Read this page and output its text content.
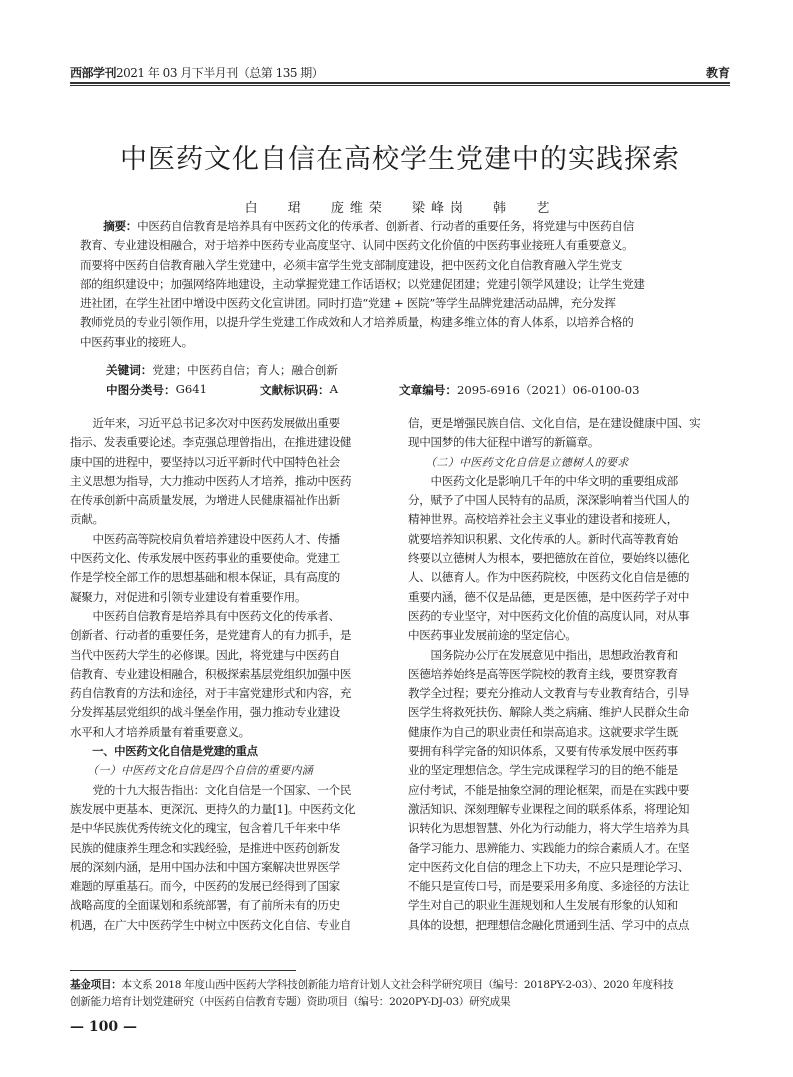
西部学刊2021 年 03 月下半月刊（总第 135 期）	教育
中医药文化自信在高校学生党建中的实践探索
白 珺 庞维荣 梁峰岗 韩 艺
摘要：中医药自信教育是培养具有中医药文化的传承者、创新者、行动者的重要任务，将党建与中医药自信
教育、专业建设相融合，对于培养中医药专业高度坚守、认同中医药文化价值的中医药事业接班人有重要意义。
而要将中医药自信教育融入学生党建中，必须丰富学生党支部制度建设，把中医药文化自信教育融入学生党支
部的组织建设中；加强网络阵地建设，主动掌握党建工作话语权；以党建促团建；党建引领学风建设；让学生党建
进社团，在学生社团中增设中医药文化宣讲团。同时打造“党建 + 医院”等学生品牌党建活动品牌，充分发挥
教师党员的专业引领作用，以提升学生党建工作成效和人才培养质量，构建多维立体的育人体系，以培养合格的
中医药事业的接班人。
关键词：党建；中医药自信；育人；融合创新
中图分类号： G641	文献标识码： A	文章编号： 2095-6916（2021）06-0100-03
　　近年来，习近平总书记多次对中医药发展做出重要
指示、发表重要论述。李克强总理曾指出，在推进建设健
康中国的进程中，要坚持以习近平新时代中国特色社会
主义思想为指导，大力推动中医药人才培养，推动中医药
在传承创新中高质量发展，为增进人民健康福祉作出新
贡献。
　　中医药高等院校肩负着培养建设中医药人才、传播
中医药文化、传承发展中医药事业的重要使命。党建工
作是学校全部工作的思想基础和根本保证，具有高度的
凝聚力，对促进和引领专业建设有着重要作用。
　　中医药自信教育是培养具有中医药文化的传承者、
创新者、行动者的重要任务，是党建育人的有力抓手，是
当代中医药大学生的必修课。因此，将党建与中医药自
信教育、专业建设相融合，积极探索基层党组织加强中医
药自信教育的方法和途径，对于丰富党建形式和内容，充
分发挥基层党组织的战斗堡垒作用，强力推动专业建设
水平和人才培养质量有着重要意义。
　　一、中医药文化自信是党建的重点
　　（一）中医药文化自信是四个自信的重要内涵
　　党的十九大报告指出：文化自信是一个国家、一个民
族发展中更基本、更深沉、更持久的力量[1]。中医药文化
是中华民族优秀传统文化的瑰宝，包含着几千年来中华
民族的健康养生理念和实践经验，是推进中医药创新发
展的深刻内涵，是用中国办法和中国方案解决世界医学
难题的厚重基石。而今，中医药的发展已经得到了国家
战略高度的全面谋划和系统部署，有了前所未有的历史
机遇，在广大中医药学生中树立中医药文化自信、专业自
信，更是增强民族自信、文化自信，是在建设健康中国、实
现中国梦的伟大征程中谱写的新篇章。
　　（二）中医药文化自信是立德树人的要求
　　中医药文化是影响几千年的中华文明的重要组成部
分，赋予了中国人民特有的品质，深深影响着当代国人的
精神世界。高校培养社会主义事业的建设者和接班人，
就要培养知识积累、文化传承的人。新时代高等教育始
终要以立德树人为根本，要把德放在首位，要始终以德化
人、以德育人。作为中医药院校，中医药文化自信是德的
重要内涵，德不仅是品德，更是医德，是中医药学子对中
医药的专业坚守，对中医药文化价值的高度认同，对从事
中医药事业发展前途的坚定信心。
　　国务院办公厅在发展意见中指出，思想政治教育和
医德培养始终是高等医学院校的教育主线，要贯穿教育
教学全过程；要充分推动人文教育与专业教育结合，引导
医学生将救死扶伤、解除人类之病痛、维护人民群众生命
健康作为自己的职业责任和崇高追求。这就要求学生既
要拥有科学完备的知识体系，又要有传承发展中医药事
业的坚定理想信念。学生完成课程学习的目的绝不能是
应付考试，不能是抽象空洞的理论框架，而是在实践中要
激活知识、深刻理解专业课程之间的联系体系，将理论知
识转化为思想智慧、外化为行动能力，将大学生培养为具
备学习能力、思辨能力、实践能力的综合素质人才。在坚
定中医药文化自信的理念上下功夫，不应只是理论学习、
不能只是宣传口号，而是要采用多角度、多途径的方法让
学生对自己的职业生涯规划和人生发展有形象的认知和
具体的设想，把理想信念融化贯通到生活、学习中的点点
基金项目：本文系 2018 年度山西中医药大学科技创新能力培育计划人文社会科学研究项目（编号：2018PY-2-03）、2020 年度科技
创新能力培育计划党建研究（中医药自信教育专题）资助项目（编号：2020PY-DJ-03）研究成果
— 100 —
